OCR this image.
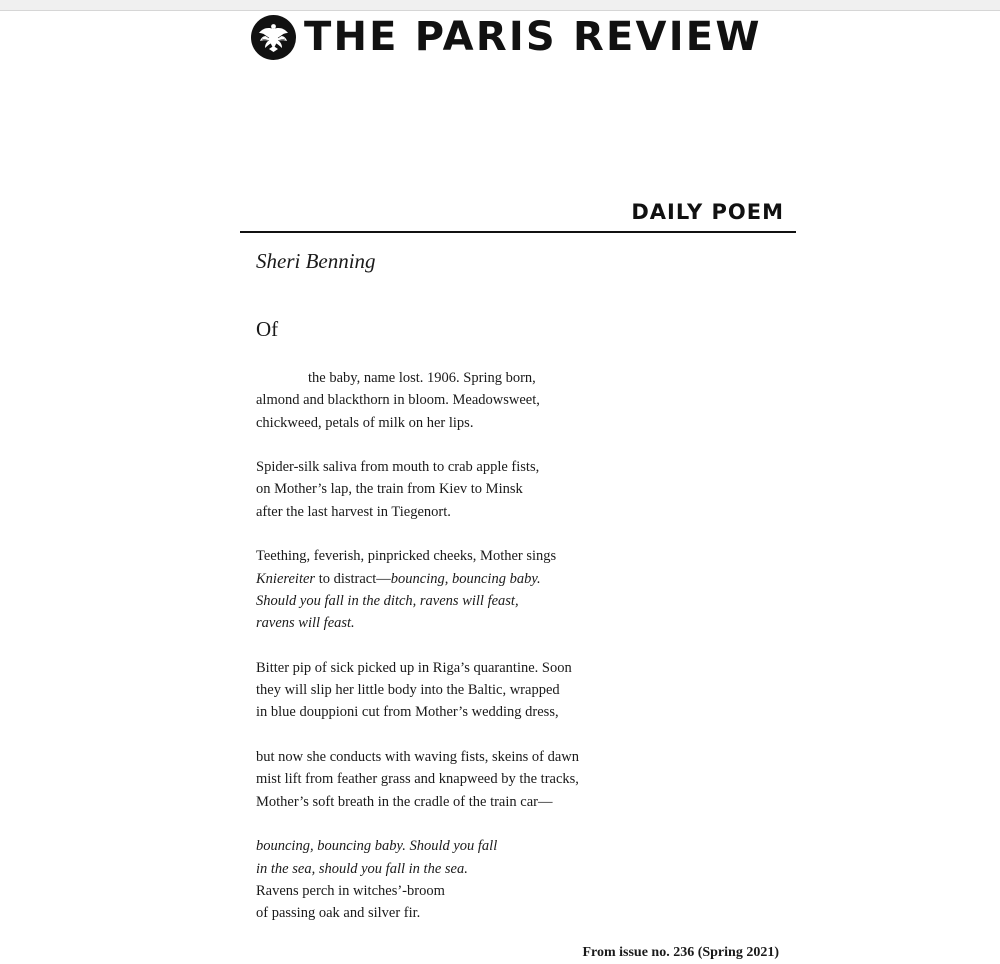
THE PARIS REVIEW
DAILY POEM
Sheri Benning
Of

the baby, name lost. 1906. Spring born,
almond and blackthorn in bloom. Meadowsweet,
chickweed, petals of milk on her lips.

Spider-silk saliva from mouth to crab apple fists,
on Mother’s lap, the train from Kiev to Minsk
after the last harvest in Tiegenort.

Teething, feverish, pinpricked cheeks, Mother sings
Kniereiter to distract—bouncing, bouncing baby.
Should you fall in the ditch, ravens will feast,
ravens will feast.

Bitter pip of sick picked up in Riga’s quarantine. Soon
they will slip her little body into the Baltic, wrapped
in blue douppioni cut from Mother’s wedding dress,

but now she conducts with waving fists, skeins of dawn
mist lift from feather grass and knapweed by the tracks,
Mother’s soft breath in the cradle of the train car—

bouncing, bouncing baby. Should you fall
in the sea, should you fall in the sea.
Ravens perch in witches’-broom
of passing oak and silver fir.

From issue no. 236 (Spring 2021)
